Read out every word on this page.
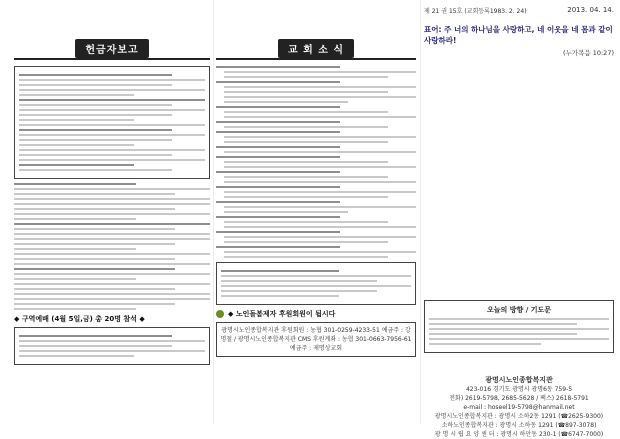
제 21 권 15호 (교회등록1983. 2. 24)	2013. 04. 14.
헌금자보고
◆ 구역예배 (4월 5일,금) 총 20명 참석 ◆
교 회 소 식
◆ 노인돌봄제자 후원회원이 됩시다
광명시노인종합복지관 후원회원 : 농협 301-0259-4233-51 예금주 : 강명철 / 광명시노인종합복지관 CMS 후원계좌 : 농협 301-0663-7956-61 예금주 : 제명상교회
표어: 주 너의 하나님을 사랑하고, 네 이웃을 네 몸과 같이 사랑하라!
(누가복음 10:27)
오늘의 방향 / 기도문
광명시노인종합복지관
423-016 경기도 광명시 광명6동 759-5
전화) 2619-5798, 2685-5628 / 팩스) 2618-5791
e-mail : hoseel19-5798@hanmail.net
광명시노인종합복지관 : 광명시 소하2동 1291 (☎2625-9300)
소하노인종합복지관 : 광명시 소하동 1291 (☎897-3078)
광 명 시 립 요 양 센 터 : 광명시 하안동 230-1 (☎6747-7000)
